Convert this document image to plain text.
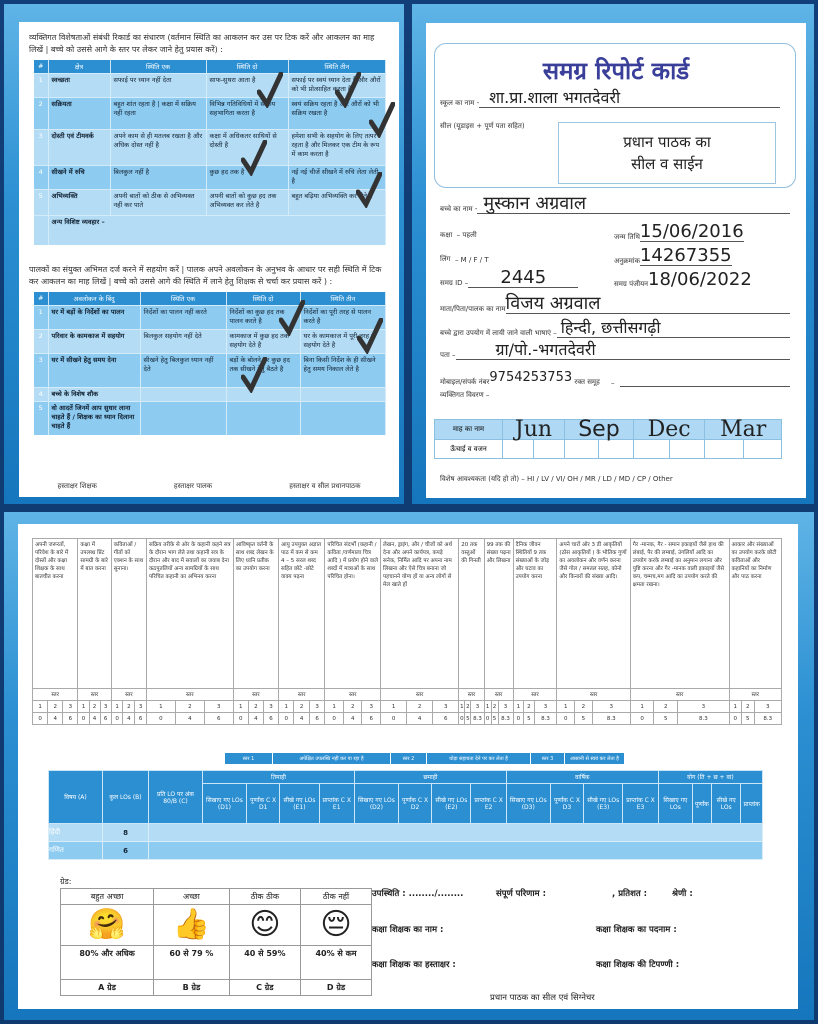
व्यक्तिगत विशेषताओं संबंधी रिकार्ड का संधारण (वर्तमान स्थिति का आकलन कर उस पर टिक करें और आकलन का माह लिखें | बच्चे को उससे आगे के स्तर पर लेकर जाने हेतु प्रयास करें) :
#	क्षेत्र	स्थिति एक	स्थिति दो	स्थिति तीन
1	स्वच्छता	सफाई पर ध्यान नहीं देता	साफ-सुथरा आता है	सफाई पर स्वयं ध्यान देता है और औरों को भी प्रोत्साहित करता है
2	सक्रियता	बहुत शांत रहता है | कक्षा में सक्रिय नहीं रहता	विभिन्न गतिविधियों में सक्रिय सहभागिता करता है	स्वयं सक्रिय रहता है और औरों को भी सक्रिय रखता है
3	दोस्ती एवं टीमवर्क	अपने काम से ही मतलब रखता है और अधिक दोस्त नहीं है	कक्षा में अधिकतर साथियों से दोस्ती है	हमेशा सभी के सहयोग के लिए तत्पर रहता है और मिलकर एक टीम के रूप में काम करता है
4	सीखने में रुचि	बिलकुल नहीं है	कुछ हद तक है	नई नई चीजें सीखने में रुचि लेता लेती है
5	अभिव्यक्ति	अपनी बातों को ठीक से अभिव्यक्त नहीं कर पाते	अपनी बातों को कुछ हद तक अभिव्यक्त कर लेते है	बहुत बढ़िया अभिव्यक्ति कर लेते हैं
	अन्य विशिष्ट व्यवहार –			
पालकों का संयुक्त अभिमत दर्ज करने में सहयोग करें | पालक अपने अवलोकन के अनुभव के आधार पर सही स्थिति में टिक कर आकलन का माह लिखें | बच्चे को उससे आगे की स्थिति में लाने हेतु शिक्षक से चर्चा कर प्रयास करें ) :
#	अवलोकन के बिंदु	स्थिति एक	स्थिति दो	स्थिति तीन
1	घर में बड़ों के निर्देशों का पालन	निर्देशों का पालन नहीं करते	निर्देशों का कुछ हद तक पालन करते है	निर्देशों का पूरी तरह से पालन करते है
2	परिवार के कामकाज में सहयोग	बिलकुल सहयोग नहीं देते	कामकाज में कुछ हद तक सहयोग देते है	घर के कामकाज में पूरी तरह से सहयोग देते है
3	घर में सीखने हेतु समय देना	सीखने हेतु बिलकुल ध्यान नहीं देते	बड़ों के बोलने पर कुछ हद तक सीखने हेतु बैठते है	बिना किसी निर्देश के ही सीखने हेतु समय निकाल लेते है
4	बच्चे के विशेष शौक			
5	वो आदतें जिनमें आप सुधार लाना चाहते हैं / शिक्षक का ध्यान दिलाना चाहते हैं			
हस्ताक्षर शिक्षक	हस्ताक्षर पालक	हस्ताक्षर व सील प्रधानपाठक
समग्र रिपोर्ट कार्ड
स्कूल का नाम - शा.प्रा.शाला भगतदेवरी
सील (यूडाइस + पूर्ण पता सहित)
प्रधान पाठक का
सील व साईन
बच्चे का नाम - मुस्कान अग्रवाल
कक्षा
– पहली	जन्म तिथि 15/06/2016
लिंग
– M / F / T	अनुक्रमांक 14267355
समग्र ID –	2445	समग्र पंजीयन 18/06/2022
माता/पिता/पालक का नाम विजय अग्रवाल
बच्चे द्वारा उपयोग में लायी जाने वाली भाषाएं – हिन्दी, छत्तीसगढ़ी
पता –	ग्रा/पो.-भगतदेवरी
मोबाइल/संपर्क नंबर 9754253753
रक्त समूह
–
व्यक्तिगत विवरण –
माह का नाम	Jun		Sep		Dec		Mar	
ऊँचाई व वजन								
विशेष आवश्यकता (यदि हो तो) – HI / LV / VI/ OH / MR / LD / MD / CP / Other
अपनी जरूरतों, परिवेश के बारे में दोस्तों और कक्षा शिक्षक के साथ बातचीत करना			कक्षा में उपलब्ध प्रिंट सामग्री के बारे में बात करना			कविताओं / गीतों को एक्शन के साथ सुनाना।			सक्रिय तरीके से ओर के कहानी कहने सत्र के दौरान भाग लेते तथा कहानी सत्र के दौरान और बाद में सवालों का जवाब देना कठपुतलियों अन्य सामग्रियों के साथ परिचित कहानी का अभिनय करना			आविष्कृत वर्तनी के साथ शब्द लेखन के लिए ध्वनि प्रतीक का उपयोग करना			आयु उपयुक्त अज्ञात पाठ में कम से कम 4 – 5 सरल शब्द सहित छोटे -छोटे वाक्य पढ़ना			परिचित संदर्भों (कहानी /कविता /वर्णमाला चित्र आदि ) में प्रयोग होने वाले शब्दों में मात्राओं के साथ परिचित होना।			लेखन, ड्राइंग, और / चीजों को अर्थ देना और अपने कार्यपत्र, कपड़े सनेक, निर्मित आदि पर अपना नाम लिखना और ऐसे चित्र बनाना जो पहचानने योग्य हों या अन्य लोगों से मेल खाते हों			20 तक वस्तुओं की गिनती			99 तक की संख्या पढ़ना और लिखना			दैनिक जीवन स्थितियों 9 तक संख्याओं के जोड़ और घटाव का उपयोग करना			अपने चारों ओर 3 डी आकृतियों (ठोस आकृतियों ) के भौतिक गुणों का अवलोकन और वर्णन करना जैसे गोल / समतल सतह, कोनो और किनारों की संख्या आदि।			गैर -मानक, गैर - समान इकाइयों जैसे हाथ की लंबाई, पैर की लम्बाई, उंगलियाँ आदि का उपयोग करके लम्बाई का अनुमान लगाना और पुष्टि करना और गैर -मानक वाली इकाइयों जैसे कप, चम्मच,मग आदि का उपयोग करते की क्षमता रखना।			आकार और संख्याओं का उपयोग करके छोटी कविताओं और कहानियों का निर्माण और पाठ करना		
स्तर			स्तर			स्तर			स्तर			स्तर			स्तर			स्तर			स्तर			स्तर			स्तर			स्तर			स्तर			स्तर			स्तर		
1	2	3	1	2	3	1	2	3	1	2	3	1	2	3	1	2	3	1	2	3	1	2	3	1	2	3	1	2	3	1	2	3	1	2	3	1	2	3	1	2	3
0	4	6	0	4	6	0	4	6	0	4	6	0	4	6	0	4	6	0	4	6	0	4	6	0	5	8.3	0	5	8.3	0	5	8.3	0	5	8.3	0	5	8.3	0	5	8.3
स्तर 1	अपेक्षित उपलब्धि नहीं कर पा रहा है	स्तर 2	थोड़ा सहायता देने पर कर लेता है	स्तर 3	आसानी से स्वयं कर लेता है
विषय (A)	कुल LOs (B)	प्रति LO पर अंक 80/B (C)	तिमाही				छमाही				वार्षिक				योग (ति + छ + वा)			
			सिखाए गए LOs (D1)	पूर्णांक C X D1	सीखे गए LOs (E1)	प्राप्तांक C X E1	सिखाए गए LOs (D2)	पूर्णांक C X D2	सीखे गए LOs (E2)	प्राप्तांक C X E2	सिखाए गए LOs (D3)	पूर्णांक C X D3	सीखे गए LOs (E3)	प्राप्तांक C X E3	सिखाए गए LOs	पूर्णांक	सीखे गए LOs	प्राप्तांक
हिंदी	8																	
गणित	6																	
ग्रेड:
बहुत अच्छा	अच्छा	ठीक ठीक	ठीक नहीं
🤗	👍	😊	😔
80% और अधिक	60 से 79 %	40 से 59%	40% से कम
A ग्रेड	B ग्रेड	C ग्रेड	D ग्रेड
उपस्थिति : ......../........	संपूर्ण परिणाम :	, प्रतिशत :	श्रेणी :
कक्षा शिक्षक का नाम :	कक्षा शिक्षक का पदनाम :
कक्षा शिक्षक का हस्ताक्षर :	कक्षा शिक्षक की टिपण्णी :
प्रधान पाठक का सील एवं सिग्नेचर
